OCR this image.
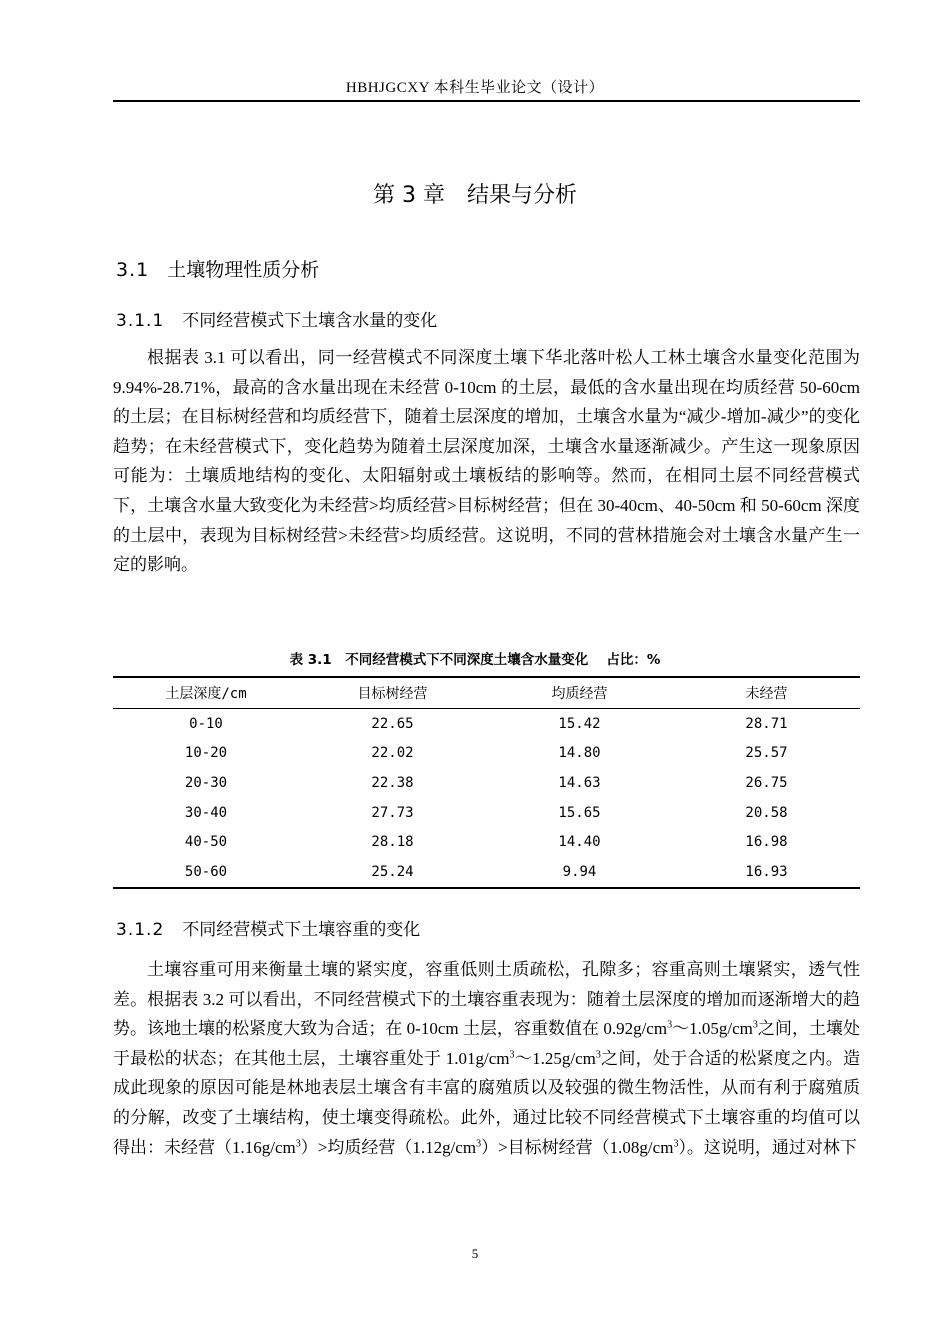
HBHJGCXY 本科生毕业论文（设计）
第 3 章　结果与分析
3.1 土壤物理性质分析
3.1.1 不同经营模式下土壤含水量的变化

根据表 3.1 可以看出，同一经营模式不同深度土壤下华北落叶松人工林土壤含水量变化范围为 9.94%-28.71%，最高的含水量出现在未经营 0-10cm 的土层，最低的含水量出现在均质经营 50-60cm 的土层；在目标树经营和均质经营下，随着土层深度的增加，土壤含水量为“减少-增加-减少”的变化趋势；在未经营模式下，变化趋势为随着土层深度加深，土壤含水量逐渐减少。产生这一现象原因可能为：土壤质地结构的变化、太阳辐射或土壤板结的影响等。然而，在相同土层不同经营模式下，土壤含水量大致变化为未经营>均质经营>目标树经营；但在 30-40cm、40-50cm 和 50-60cm 深度的土层中，表现为目标树经营>未经营>均质经营。这说明，不同的营林措施会对土壤含水量产生一定的影响。

表 3.1　不同经营模式下不同深度土壤含水量变化　 占比：%
土层深度/cm	目标树经营	均质经营	未经营
0-10	22.65	15.42	28.71
10-20	22.02	14.80	25.57
20-30	22.38	14.63	26.75
30-40	27.73	15.65	20.58
40-50	28.18	14.40	16.98
50-60	25.24	9.94	16.93
3.1.2 不同经营模式下土壤容重的变化

土壤容重可用来衡量土壤的紧实度，容重低则土质疏松，孔隙多；容重高则土壤紧实，透气性差。根据表 3.2 可以看出，不同经营模式下的土壤容重表现为：随着土层深度的增加而逐渐增大的趋势。该地土壤的松紧度大致为合适；在 0-10cm 土层，容重数值在 $0.92g/cm^3\sim 1.05g/cm^3$之间，土壤处于最松的状态；在其他土层，土壤容重处于 $1.01g/cm^3\sim 1.25g/cm^3$之间，处于合适的松紧度之内。造成此现象的原因可能是林地表层土壤含有丰富的腐殖质以及较强的微生物活性，从而有利于腐殖质的分解，改变了土壤结构，使土壤变得疏松。此外，通过比较不同经营模式下土壤容重的均值可以得出：未经营$(1.16g/cm^3)>$均质经营$(1.12g/cm^3)>$目标树经营$(1.08g/cm^3)$。这说明，通过对林下

5
